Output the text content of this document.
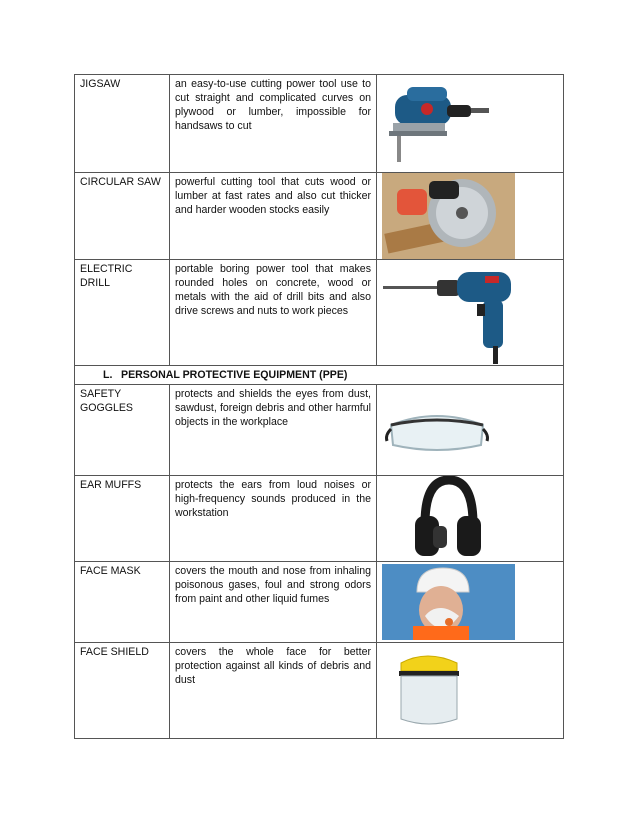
JIGSAW	an easy-to-use cutting power tool use to cut straight and complicated curves on plywood or lumber, impossible for handsaws to cut	

CIRCULAR SAW	powerful cutting tool that cuts wood or lumber at fast rates and also cut thicker and harder wooden stocks easily	

ELECTRIC DRILL	portable boring power tool that makes rounded holes on concrete, wood or metals with the aid of drill bits and also drive screws and nuts to work pieces	

L. PERSONAL PROTECTIVE EQUIPMENT (PPE)		
SAFETY GOGGLES	protects and shields the eyes from dust, sawdust, foreign debris and other harmful objects in the workplace	

EAR MUFFS	protects the ears from loud noises or high-frequency sounds produced in the workstation	

FACE MASK	covers the mouth and nose from inhaling poisonous gases, foul and strong odors from paint and other liquid fumes	

FACE SHIELD	covers the whole face for better protection against all kinds of debris and dust	
